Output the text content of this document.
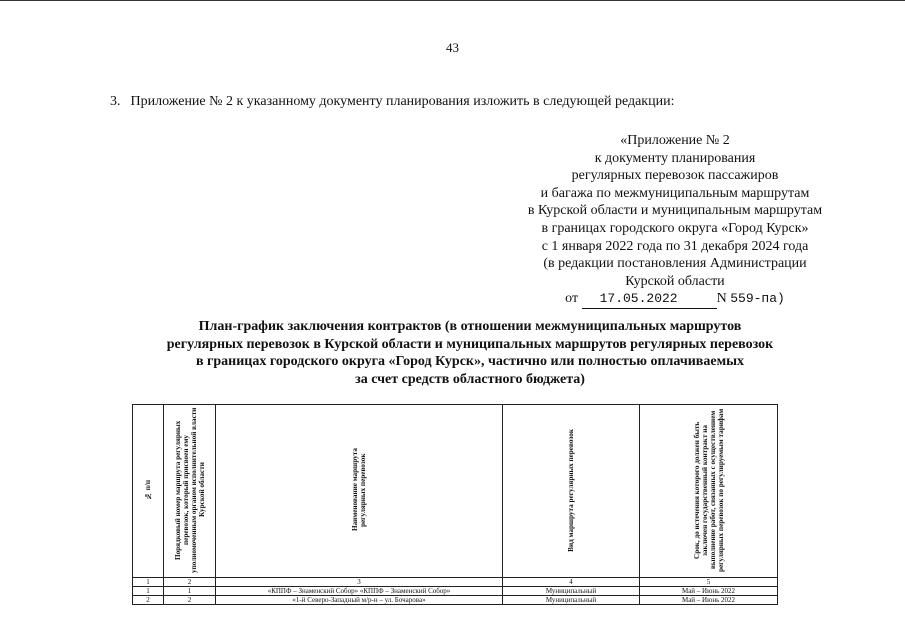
43
3. Приложение № 2 к указанному документу планирования изложить в следующей редакции:
«Приложение № 2
к документу планирования
регулярных перевозок пассажиров
и багажа по межмуниципальным маршрутам
в Курской области и муниципальным маршрутам
в границах городского округа «Город Курск»
с 1 января 2022 года по 31 декабря 2024 года
(в редакции постановления Администрации
Курской области
от 17.05.2022	N 559-па)
План-график заключения контрактов (в отношении межмуниципальных маршрутов
регулярных перевозок в Курской области и муниципальных маршрутов регулярных перевозок
в границах городского округа «Город Курск», частично или полностью оплачиваемых
за счет средств областного бюджета)
№ п/п	Порядковый номер маршрута регулярных перевозок, который присвоен ему уполномоченным органом исполнительной власти Курской области	Наименование маршрута регулярных перевозок	Вид маршрута регулярных перевозок	Срок, до истечения которого должен быть заключен государственный контракт на выполнение работ, связанных с осуществлением регулярных перевозок по регулируемым тарифам
1	2	3	4	5
1	1	«КППФ – Знаменский Собор» «КППФ – Знаменский Собор»	Муниципальный	Май – Июнь 2022
2	2	«1-й Северо-Западный м/р-н – ул. Бочарова»	Муниципальный	Май – Июнь 2022
